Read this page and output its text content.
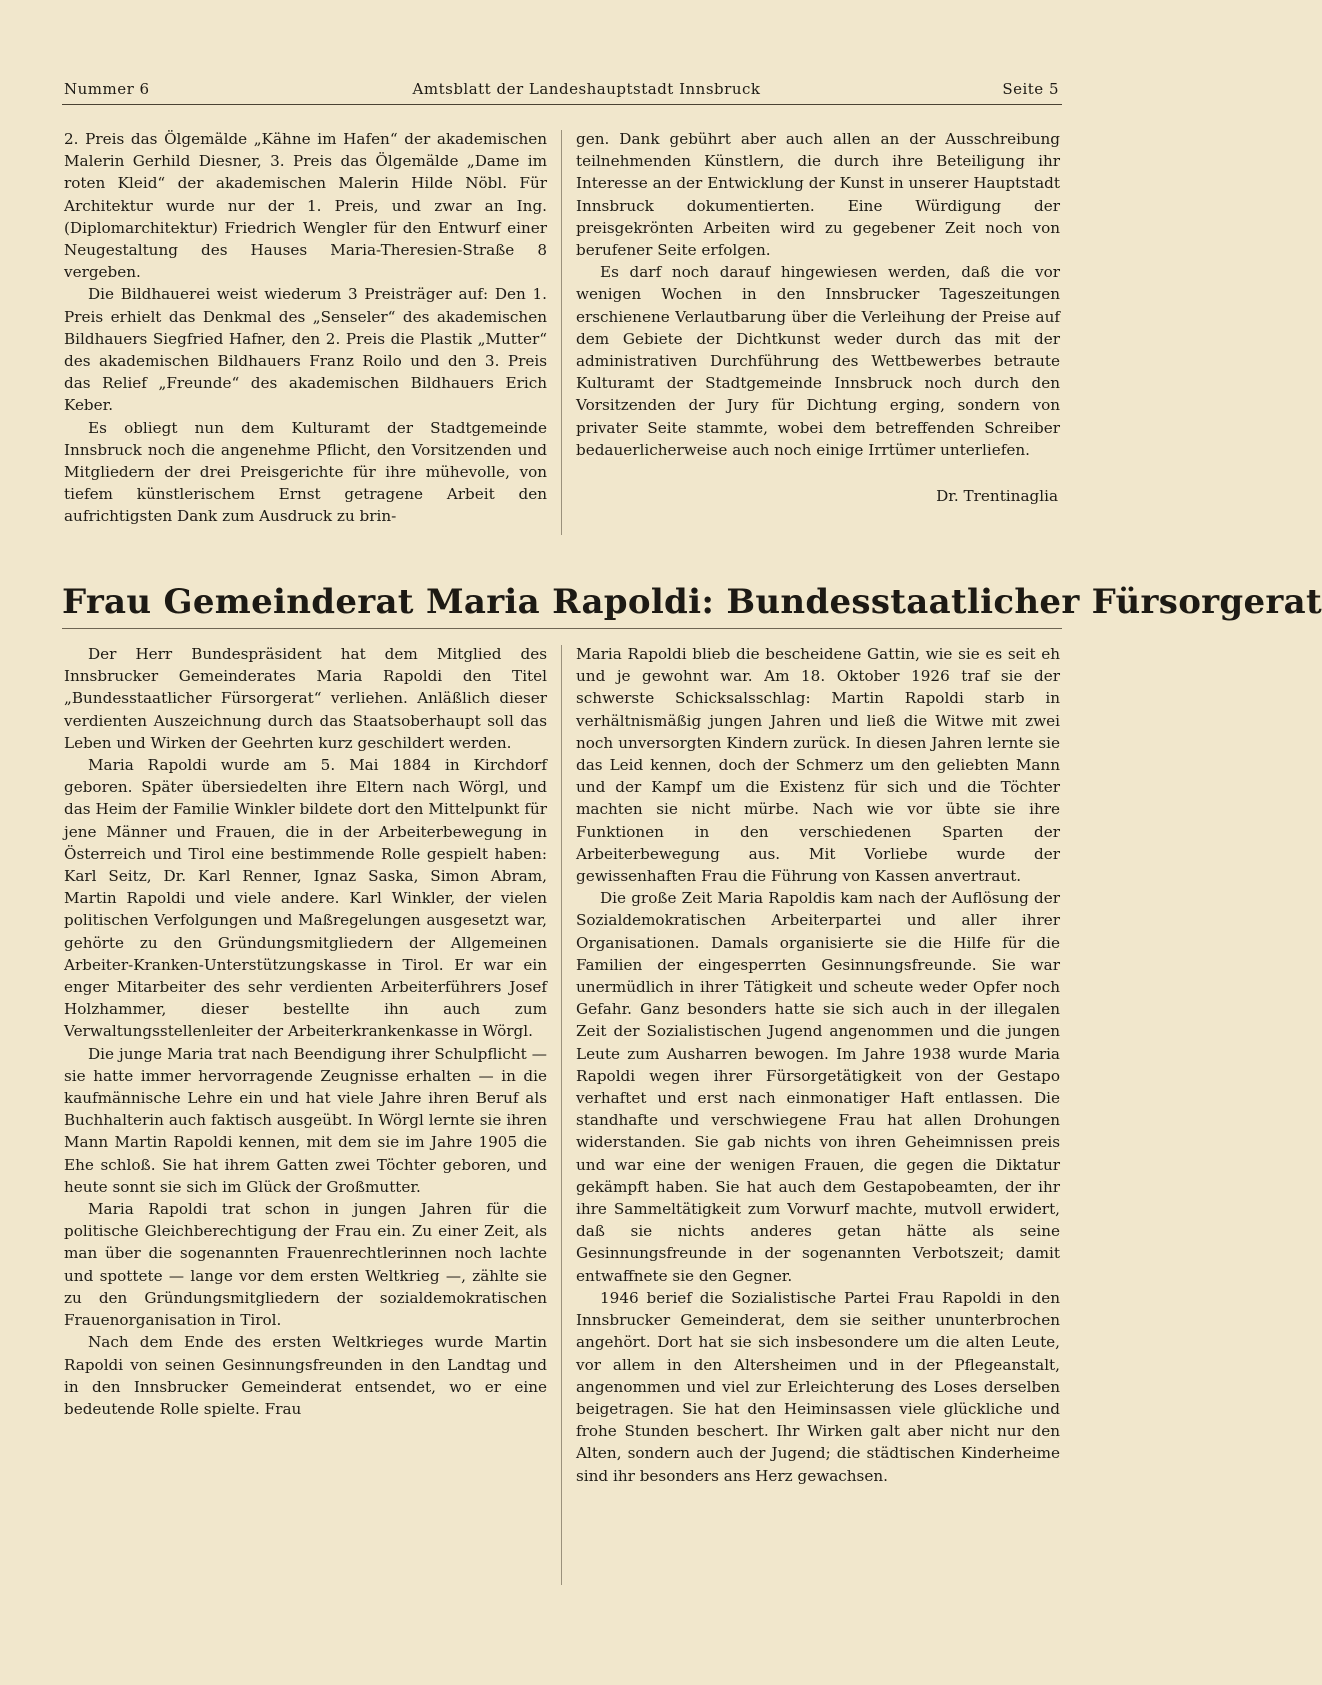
Nummer 6	Amtsblatt der Landeshauptstadt Innsbruck	Seite 5

2. Preis das Ölgemälde „Kähne im Hafen“ der akademischen Malerin Gerhild Diesner, 3. Preis das Ölgemälde „Dame im roten Kleid“ der akademischen Malerin Hilde Nöbl. Für Architektur wurde nur der 1. Preis, und zwar an Ing. (Diplomarchitektur) Friedrich Wengler für den Entwurf einer Neugestaltung des Hauses Maria-Theresien-Straße 8 vergeben.

Die Bildhauerei weist wiederum 3 Preisträger auf: Den 1. Preis erhielt das Denkmal des „Senseler“ des akademischen Bildhauers Siegfried Hafner, den 2. Preis die Plastik „Mutter“ des akademischen Bildhauers Franz Roilo und den 3. Preis das Relief „Freunde“ des akademischen Bildhauers Erich Keber.

Es obliegt nun dem Kulturamt der Stadtgemeinde Innsbruck noch die angenehme Pflicht, den Vorsitzenden und Mitgliedern der drei Preisgerichte für ihre mühevolle, von tiefem künstlerischem Ernst getragene Arbeit den aufrichtigsten Dank zum Ausdruck zu brin-

gen. Dank gebührt aber auch allen an der Ausschreibung teilnehmenden Künstlern, die durch ihre Beteiligung ihr Interesse an der Entwicklung der Kunst in unserer Hauptstadt Innsbruck dokumentierten. Eine Würdigung der preisgekrönten Arbeiten wird zu gegebener Zeit noch von berufener Seite erfolgen.

Es darf noch darauf hingewiesen werden, daß die vor wenigen Wochen in den Innsbrucker Tageszeitungen erschienene Verlautbarung über die Verleihung der Preise auf dem Gebiete der Dichtkunst weder durch das mit der administrativen Durchführung des Wettbewerbes betraute Kulturamt der Stadtgemeinde Innsbruck noch durch den Vorsitzenden der Jury für Dichtung erging, sondern von privater Seite stammte, wobei dem betreffenden Schreiber bedauerlicherweise auch noch einige Irrtümer unterliefen.

Dr. Trentinaglia
Frau Gemeinderat Maria Rapoldi: Bundesstaatlicher Fürsorgerat

Der Herr Bundespräsident hat dem Mitglied des Innsbrucker Gemeinderates Maria Rapoldi den Titel „Bundesstaatlicher Fürsorgerat“ verliehen. Anläßlich dieser verdienten Auszeichnung durch das Staatsoberhaupt soll das Leben und Wirken der Geehrten kurz geschildert werden.

Maria Rapoldi wurde am 5. Mai 1884 in Kirchdorf geboren. Später übersiedelten ihre Eltern nach Wörgl, und das Heim der Familie Winkler bildete dort den Mittelpunkt für jene Männer und Frauen, die in der Arbeiterbewegung in Österreich und Tirol eine bestimmende Rolle gespielt haben: Karl Seitz, Dr. Karl Renner, Ignaz Saska, Simon Abram, Martin Rapoldi und viele andere. Karl Winkler, der vielen politischen Verfolgungen und Maßregelungen ausgesetzt war, gehörte zu den Gründungsmitgliedern der Allgemeinen Arbeiter-Kranken-Unterstützungskasse in Tirol. Er war ein enger Mitarbeiter des sehr verdienten Arbeiterführers Josef Holzhammer, dieser bestellte ihn auch zum Verwaltungsstellenleiter der Arbeiterkrankenkasse in Wörgl.

Die junge Maria trat nach Beendigung ihrer Schulpflicht — sie hatte immer hervorragende Zeugnisse erhalten — in die kaufmännische Lehre ein und hat viele Jahre ihren Beruf als Buchhalterin auch faktisch ausgeübt. In Wörgl lernte sie ihren Mann Martin Rapoldi kennen, mit dem sie im Jahre 1905 die Ehe schloß. Sie hat ihrem Gatten zwei Töchter geboren, und heute sonnt sie sich im Glück der Großmutter.

Maria Rapoldi trat schon in jungen Jahren für die politische Gleichberechtigung der Frau ein. Zu einer Zeit, als man über die sogenannten Frauenrechtlerinnen noch lachte und spottete — lange vor dem ersten Weltkrieg —, zählte sie zu den Gründungsmitgliedern der sozialdemokratischen Frauenorganisation in Tirol.

Nach dem Ende des ersten Weltkrieges wurde Martin Rapoldi von seinen Gesinnungsfreunden in den Landtag und in den Innsbrucker Gemeinderat entsendet, wo er eine bedeutende Rolle spielte. Frau

Maria Rapoldi blieb die bescheidene Gattin, wie sie es seit eh und je gewohnt war. Am 18. Oktober 1926 traf sie der schwerste Schicksalsschlag: Martin Rapoldi starb in verhältnismäßig jungen Jahren und ließ die Witwe mit zwei noch unversorgten Kindern zurück. In diesen Jahren lernte sie das Leid kennen, doch der Schmerz um den geliebten Mann und der Kampf um die Existenz für sich und die Töchter machten sie nicht mürbe. Nach wie vor übte sie ihre Funktionen in den verschiedenen Sparten der Arbeiterbewegung aus. Mit Vorliebe wurde der gewissenhaften Frau die Führung von Kassen anvertraut.

Die große Zeit Maria Rapoldis kam nach der Auflösung der Sozialdemokratischen Arbeiterpartei und aller ihrer Organisationen. Damals organisierte sie die Hilfe für die Familien der eingesperrten Gesinnungsfreunde. Sie war unermüdlich in ihrer Tätigkeit und scheute weder Opfer noch Gefahr. Ganz besonders hatte sie sich auch in der illegalen Zeit der Sozialistischen Jugend angenommen und die jungen Leute zum Ausharren bewogen. Im Jahre 1938 wurde Maria Rapoldi wegen ihrer Fürsorgetätigkeit von der Gestapo verhaftet und erst nach einmonatiger Haft entlassen. Die standhafte und verschwiegene Frau hat allen Drohungen widerstanden. Sie gab nichts von ihren Geheimnissen preis und war eine der wenigen Frauen, die gegen die Diktatur gekämpft haben. Sie hat auch dem Gestapobeamten, der ihr ihre Sammeltätigkeit zum Vorwurf machte, mutvoll erwidert, daß sie nichts anderes getan hätte als seine Gesinnungsfreunde in der sogenannten Verbotszeit; damit entwaffnete sie den Gegner.

1946 berief die Sozialistische Partei Frau Rapoldi in den Innsbrucker Gemeinderat, dem sie seither ununterbrochen angehört. Dort hat sie sich insbesondere um die alten Leute, vor allem in den Altersheimen und in der Pflegeanstalt, angenommen und viel zur Erleichterung des Loses derselben beigetragen. Sie hat den Heiminsassen viele glückliche und frohe Stunden beschert. Ihr Wirken galt aber nicht nur den Alten, sondern auch der Jugend; die städtischen Kinderheime sind ihr besonders ans Herz gewachsen.
